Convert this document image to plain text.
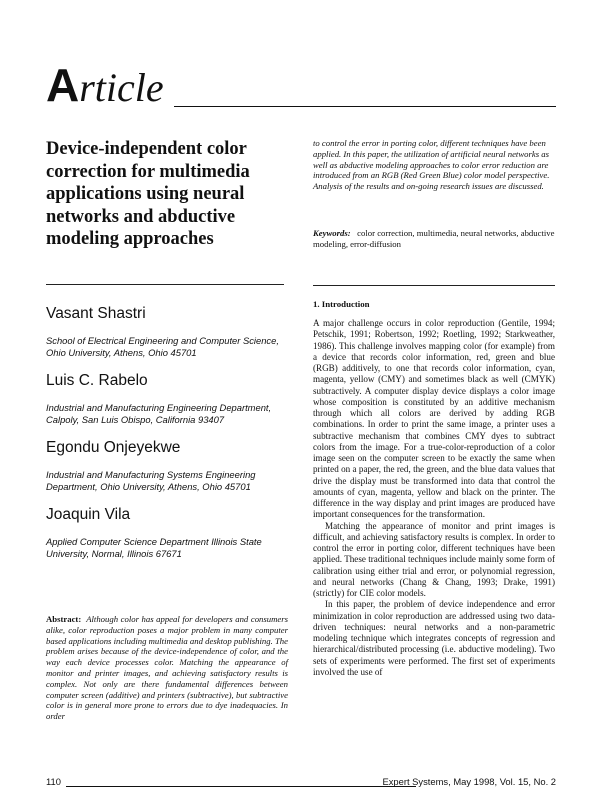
Article
Device-independent color correction for multimedia applications using neural networks and abductive modeling approaches

Vasant Shastri

School of Electrical Engineering and Computer Science, Ohio University, Athens, Ohio 45701

Luis C. Rabelo

Industrial and Manufacturing Engineering Department, Calpoly, San Luis Obispo, California 93407

Egondu Onjeyekwe

Industrial and Manufacturing Systems Engineering Department, Ohio University, Athens, Ohio 45701

Joaquin Vila

Applied Computer Science Department Illinois State University, Normal, Illinois 67671

Abstract: Although color has appeal for developers and consumers alike, color reproduction poses a major problem in many computer based applications including multimedia and desktop publishing. The problem arises because of the device-independence of color, and the way each device processes color. Matching the appearance of monitor and printer images, and achieving satisfactory results is complex. Not only are there fundamental differences between computer screen (additive) and printers (subtractive), but subtractive color is in general more prone to errors due to dye inadequacies. In order

to control the error in porting color, different techniques have been applied. In this paper, the utilization of artificial neural networks as well as abductive modeling approaches to color error reduction are introduced from an RGB (Red Green Blue) color model perspective. Analysis of the results and on-going research issues are discussed.

Keywords: color correction, multimedia, neural networks, abductive modeling, error-diffusion

1. Introduction

A major challenge occurs in color reproduction (Gentile, 1994; Petschik, 1991; Robertson, 1992; Roetling, 1992; Starkweather, 1986). This challenge involves mapping color (for example) from a device that records color information, red, green and blue (RGB) additively, to one that records color information, cyan, magenta, yellow (CMY) and sometimes black as well (CMYK) subtractively. A computer display device displays a color image whose composition is constituted by an additive mechanism through which all colors are derived by adding RGB combinations. In order to print the same image, a printer uses a subtractive mechanism that combines CMY dyes to subtract colors from the image. For a true-color-reproduction of a color image seen on the computer screen to be exactly the same when printed on a paper, the red, the green, and the blue data values that drive the display must be transformed into data that control the amounts of cyan, magenta, yellow and black on the printer. The difference in the way display and print images are produced have important consequences for the transformation.

Matching the appearance of monitor and print images is difficult, and achieving satisfactory results is complex. In order to control the error in porting color, different techniques have been applied. These traditional techniques include mainly some form of calibration using either trial and error, or polynomial regression, and neural networks (Chang & Chang, 1993; Drake, 1991) (strictly) for CIE color models.

In this paper, the problem of device independence and error minimization in color reproduction are addressed using two data-driven techniques: neural networks and a non-parametric modeling technique which integrates concepts of regression and hierarchical/distributed processing (i.e. abductive modeling). Two sets of experiments were performed. The first set of experiments involved the use of

110	Expert Systems, May 1998, Vol. 15, No. 2
